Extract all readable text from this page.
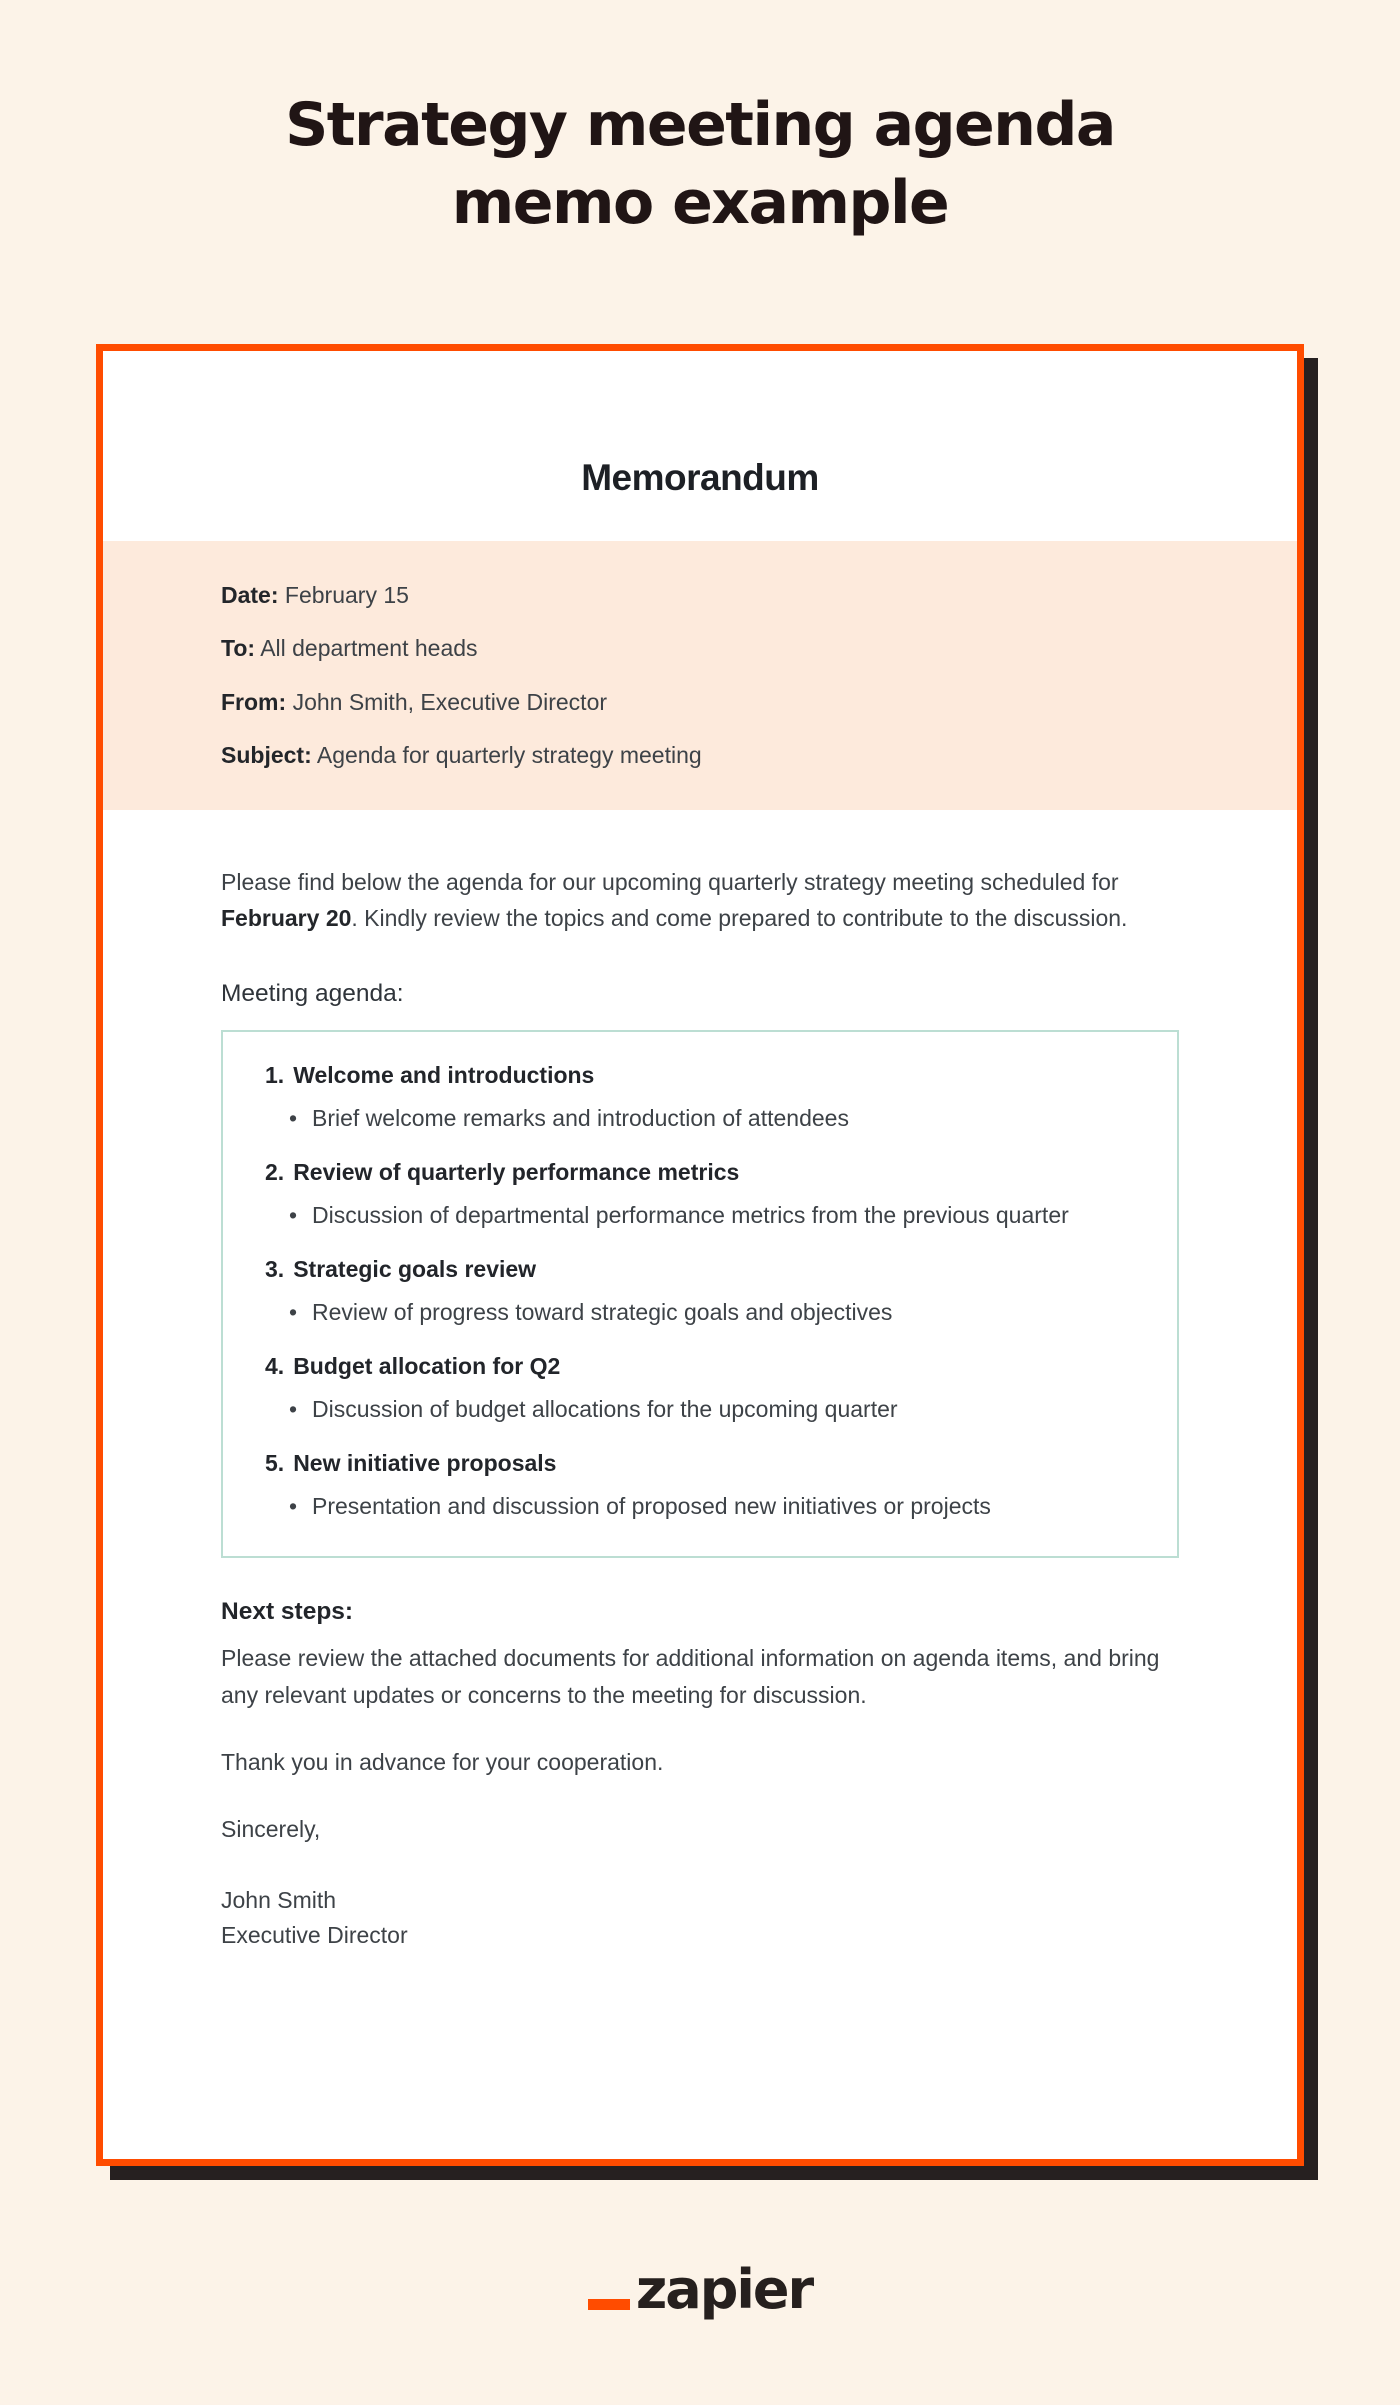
Strategy meeting agenda
memo example
Memorandum

Date: February 15

To: All department heads

From: John Smith, Executive Director

Subject: Agenda for quarterly strategy meeting

Please find below the agenda for our upcoming quarterly strategy meeting scheduled for February 20. Kindly review the topics and come prepared to contribute to the discussion.

Meeting agenda:

1. Welcome and introductions

• Brief welcome remarks and introduction of attendees

2. Review of quarterly performance metrics

• Discussion of departmental performance metrics from the previous quarter

3. Strategic goals review

• Review of progress toward strategic goals and objectives

4. Budget allocation for Q2

• Discussion of budget allocations for the upcoming quarter

5. New initiative proposals

• Presentation and discussion of proposed new initiatives or projects

Next steps:

Please review the attached documents for additional information on agenda items, and bring any relevant updates or concerns to the meeting for discussion.

Thank you in advance for your cooperation.

Sincerely,

John Smith
Executive Director

zapier
